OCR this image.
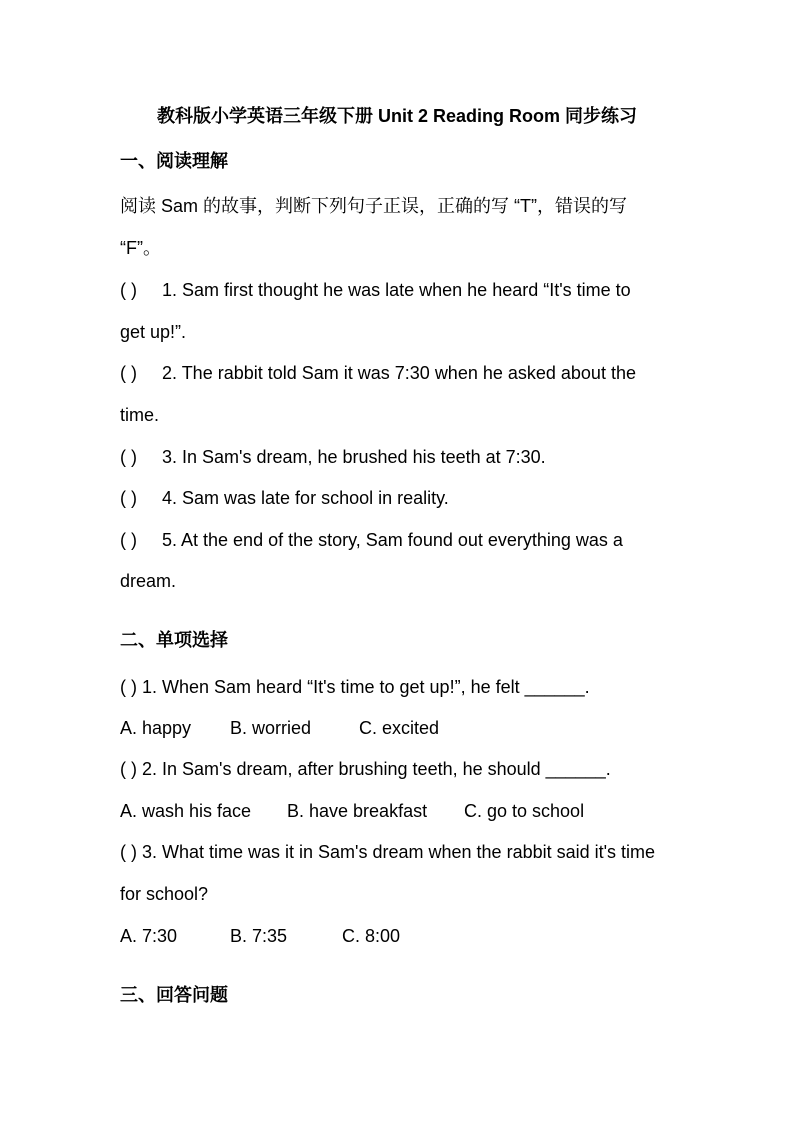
教科版小学英语三年级下册 Unit 2 Reading Room 同步练习
一、阅读理解
阅读 Sam 的故事，判断下列句子正误，正确的写 “T”，错误的写
“F”。
( ) 1. Sam first thought he was late when he heard “It's time to
get up!”.
( ) 2. The rabbit told Sam it was 7:30 when he asked about the
time.
( ) 3. In Sam's dream, he brushed his teeth at 7:30.
( ) 4. Sam was late for school in reality.
( ) 5. At the end of the story, Sam found out everything was a
dream.
二、单项选择
( ) 1. When Sam heard “It's time to get up!”, he felt ______.
A. happy B. worried	C. excited
( ) 2. In Sam's dream, after brushing teeth, he should ______.
A. wash his face B. have breakfast C. go to school
( ) 3. What time was it in Sam's dream when the rabbit said it's time
for school?
A. 7:30	B. 7:35	C. 8:00
三、回答问题
